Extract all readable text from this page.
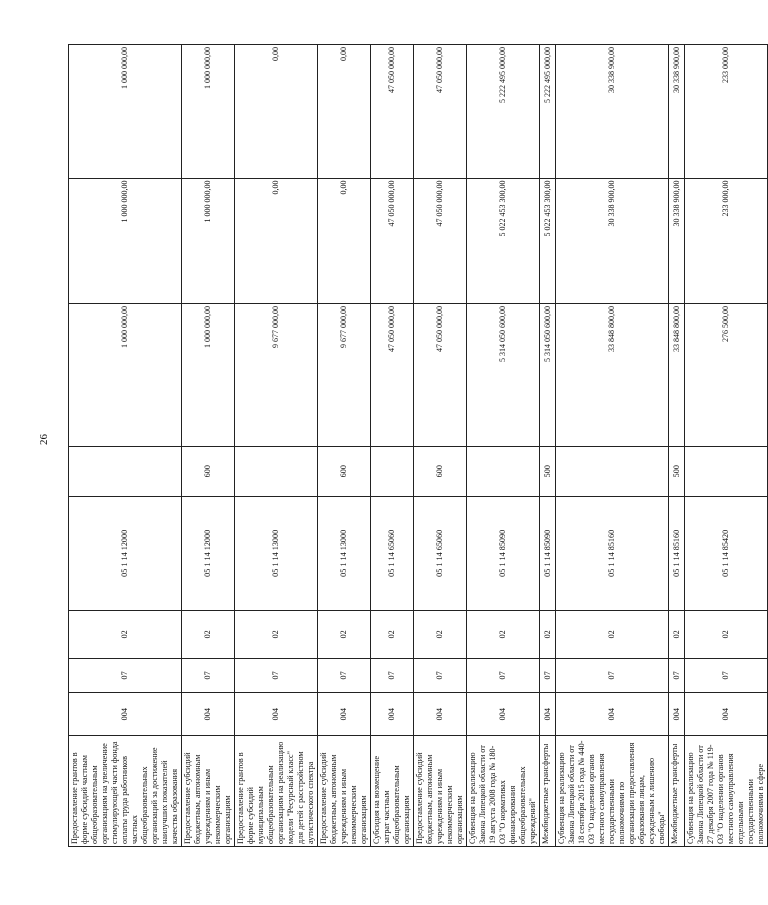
26
Предоставление грантов в форме субсидий частным общеобразовательным организациям на увеличение стимулирующей части фонда оплаты труда работников частных общеобразовательных организаций за достижение наилучших показателей качества образования	004	07	02	05 1 14 12000		1 000 000,00	1 000 000,00	1 000 000,00
Предоставление субсидий бюджетным, автономным учреждениям и иным некоммерческим организациям	004	07	02	05 1 14 12000	600	1 000 000,00	1 000 000,00	1 000 000,00
Предоставление грантов в форме субсидий муниципальным общеобразовательным организациям на реализацию модели "Ресурсный класс" для детей с расстройством аутистического спектра	004	07	02	05 1 14 13000		9 677 000,00	0,00	0,00
Предоставление субсидий бюджетным, автономным учреждениям и иным некоммерческим организациям	004	07	02	05 1 14 13000	600	9 677 000,00	0,00	0,00
Субсидия на возмещение затрат частным общеобразовательным организациям	004	07	02	05 1 14 65060		47 050 000,00	47 050 000,00	47 050 000,00
Предоставление субсидий бюджетным, автономным учреждениям и иным некоммерческим организациям	004	07	02	05 1 14 65060	600	47 050 000,00	47 050 000,00	47 050 000,00
Субвенция на реализацию Закона Липецкой области от 19 августа 2008 года № 180-ОЗ "О нормативах финансирования общеобразовательных учреждений"	004	07	02	05 1 14 85090		5 314 050 600,00	5 022 453 300,00	5 222 495 000,00
Межбюджетные трансферты	004	07	02	05 1 14 85090	500	5 314 050 600,00	5 022 453 300,00	5 222 495 000,00
Субвенция на реализацию Закона Липецкой области от 18 сентября 2015 года № 440-ОЗ "О наделении органов местного самоуправления государственными полномочиями по организации предоставления образования лицам, осужденным к лишению свободы"	004	07	02	05 1 14 85160		33 848 800,00	30 338 900,00	30 338 900,00
Межбюджетные трансферты	004	07	02	05 1 14 85160	500	33 848 800,00	30 338 900,00	30 338 900,00
Субвенция на реализацию Закона Липецкой области от 27 декабря 2007 года № 119-ОЗ "О наделении органов местного самоуправления отдельными государственными полномочиями в сфере	004	07	02	05 1 14 85420		276 500,00	233 000,00	233 000,00
